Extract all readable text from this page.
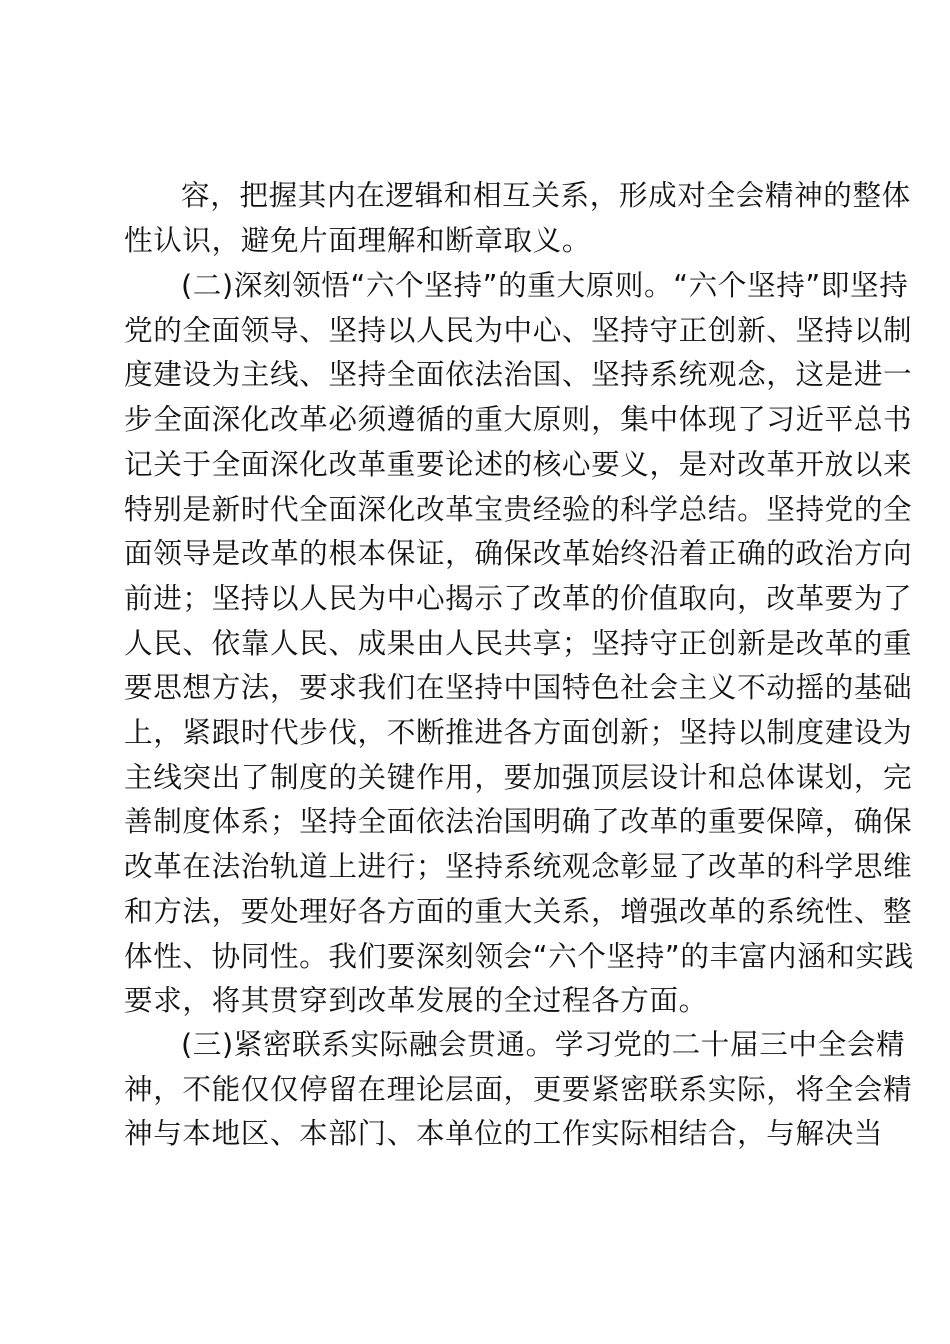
容，把握其内在逻辑和相互关系，形成对全会精神的整体
性认识，避免片面理解和断章取义。
(二)深刻领悟“六个坚持”的重大原则。“六个坚持”即坚持
党的全面领导、坚持以人民为中心、坚持守正创新、坚持以制
度建设为主线、坚持全面依法治国、坚持系统观念，这是进一
步全面深化改革必须遵循的重大原则，集中体现了习近平总书
记关于全面深化改革重要论述的核心要义，是对改革开放以来
特别是新时代全面深化改革宝贵经验的科学总结。坚持党的全
面领导是改革的根本保证，确保改革始终沿着正确的政治方向
前进；坚持以人民为中心揭示了改革的价值取向，改革要为了
人民、依靠人民、成果由人民共享；坚持守正创新是改革的重
要思想方法，要求我们在坚持中国特色社会主义不动摇的基础
上，紧跟时代步伐，不断推进各方面创新；坚持以制度建设为
主线突出了制度的关键作用，要加强顶层设计和总体谋划，完
善制度体系；坚持全面依法治国明确了改革的重要保障，确保
改革在法治轨道上进行；坚持系统观念彰显了改革的科学思维
和方法，要处理好各方面的重大关系，增强改革的系统性、整
体性、协同性。我们要深刻领会“六个坚持”的丰富内涵和实践
要求，将其贯穿到改革发展的全过程各方面。
(三)紧密联系实际融会贯通。学习党的二十届三中全会精
神，不能仅仅停留在理论层面，更要紧密联系实际，将全会精
神与本地区、本部门、本单位的工作实际相结合，与解决当
